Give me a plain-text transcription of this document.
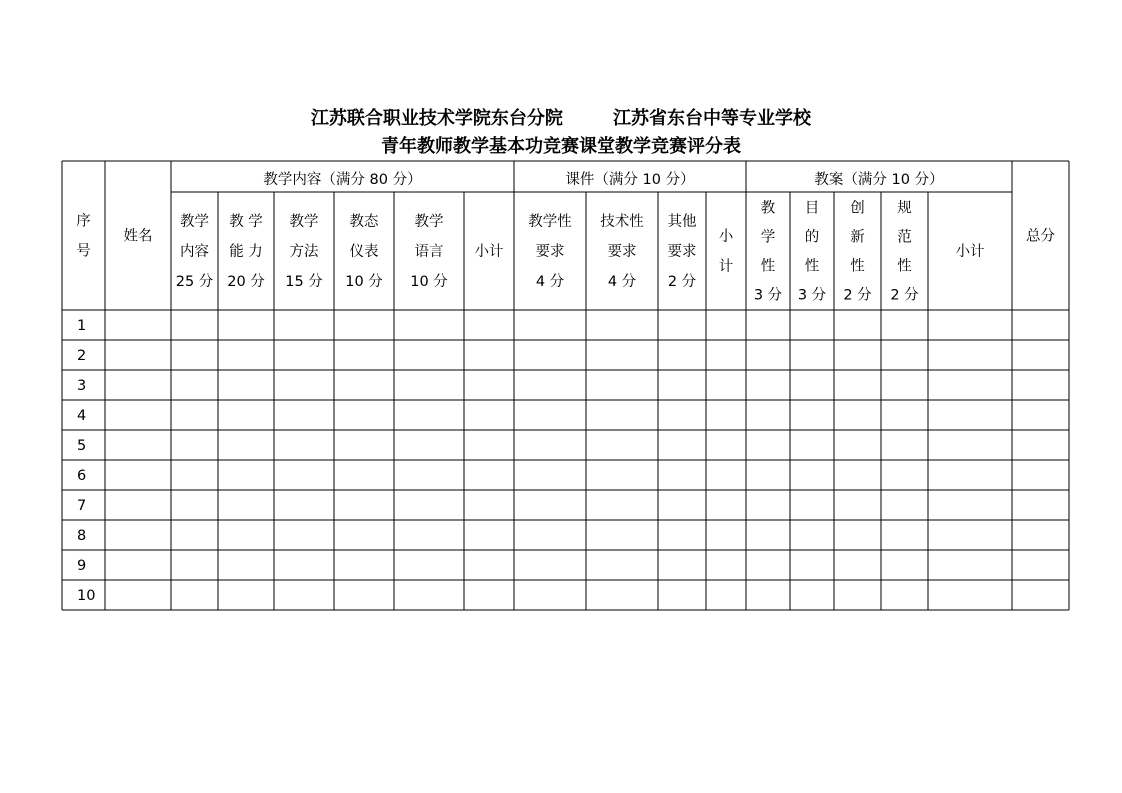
江苏联合职业技术学院东台分院        江苏省东台中等专业学校
青年教师教学基本功竞赛课堂教学竞赛评分表
教学内容（满分 80 分）	课件（满分 10 分）	教案（满分 10 分）
序
号
姓名
教学
内容
25 分
教 学
能 力
20 分
教学
方法
15 分
教态
仪表
10 分
教学
语言
10 分
小计
教学性
要求
4 分
技术性
要求
4 分
其他
要求
2 分
小
计
教
学
性
3 分
目
的
性
3 分
创
新
性
2 分
规
范
性
2 分
小计
总分
1
2
3
4
5
6
7
8
9
10
